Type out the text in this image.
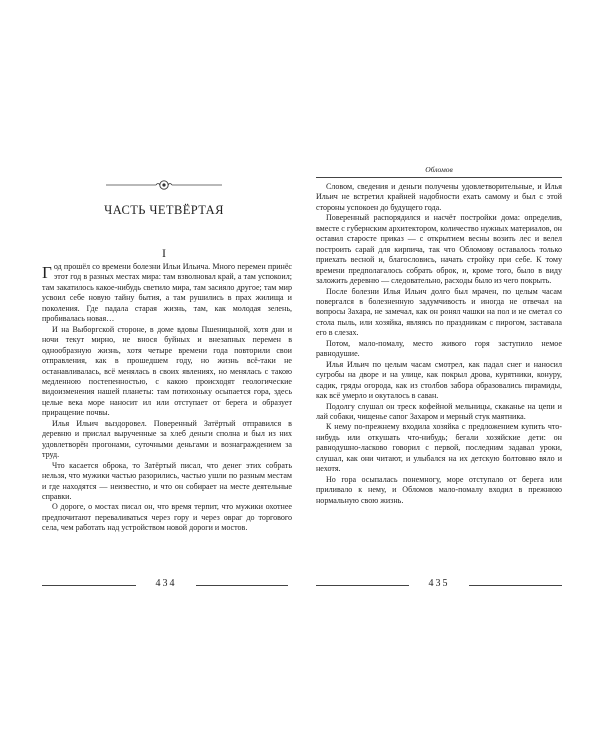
ЧАСТЬ ЧЕТВЁРТАЯ
I

Год прошёл со времени болезни Ильи Ильича. Много перемен принёс этот год в разных местах мира: там взволновал край, а там успокоил; там закатилось какое-нибудь светило мира, там засияло другое; там мир усвоил себе новую тайну бытия, а там рушились в прах жилища и поколения. Где падала старая жизнь, там, как молодая зелень, пробивалась новая…

И на Выборгской стороне, в доме вдовы Пшеницыной, хотя дни и ночи текут мирно, не внося буйных и внезапных перемен в однообразную жизнь, хотя четыре времени года повторили свои отправления, как в прошедшем году, но жизнь всё-таки не останавливалась, всё менялась в своих явлениях, но менялась с такою медленною постепенностью, с какою происходят геологические видоизменения нашей планеты: там потихоньку осыпается гора, здесь целые века море наносит ил или отступает от берега и образует приращение почвы.

Илья Ильич выздоровел. Поверенный Затёртый отправился в деревню и прислал вырученные за хлеб деньги сполна и был из них удовлетворён прогонами, суточными деньгами и вознаграждением за труд.

Что касается оброка, то Затёртый писал, что денег этих собрать нельзя, что мужики частью разорились, частью ушли по разным местам и где находятся — неизвестно, и что он собирает на месте деятельные справки.

О дороге, о мостах писал он, что время терпит, что мужики охотнее предпочитают переваливаться через гору и через овраг до торгового села, чем работать над устройством новой дороги и мостов.

434
Обломов

Словом, сведения и деньги получены удовлетворительные, и Илья Ильич не встретил крайней надобности ехать самому и был с этой стороны успокоен до будущего года.

Поверенный распорядился и насчёт постройки дома: определив, вместе с губернским архитектором, количество нужных материалов, он оставил старосте приказ — с открытием весны возить лес и велел построить сарай для кирпича, так что Обломову оставалось только приехать весной и, благословись, начать стройку при себе. К тому времени предполагалось собрать оброк, и, кроме того, было в виду заложить деревню — следовательно, расходы было из чего покрыть.

После болезни Илья Ильич долго был мрачен, по целым часам повергался в болезненную задумчивость и иногда не отвечал на вопросы Захара, не замечал, как он ронял чашки на пол и не сметал со стола пыль, или хозяйка, являясь по праздникам с пирогом, заставала его в слезах.

Потом, мало-помалу, место живого горя заступило немое равнодушие.

Илья Ильич по целым часам смотрел, как падал снег и наносил сугробы на дворе и на улице, как покрыл дрова, курятники, конуру, садик, гряды огорода, как из столбов забора образовались пирамиды, как всё умерло и окуталось в саван.

Подолгу слушал он треск кофейной мельницы, скаканье на цепи и лай собаки, чищенье сапог Захаром и мерный стук маятника.

К нему по-прежнему входила хозяйка с предложением купить что-нибудь или откушать что-нибудь; бегали хозяйские дети: он равнодушно-ласково говорил с первой, последним задавал уроки, слушал, как они читают, и улыбался на их детскую болтовню вяло и нехотя.

Но гора осыпалась понемногу, море отступало от берега или приливало к нему, и Обломов мало-помалу входил в прежнюю нормальную свою жизнь.

435
